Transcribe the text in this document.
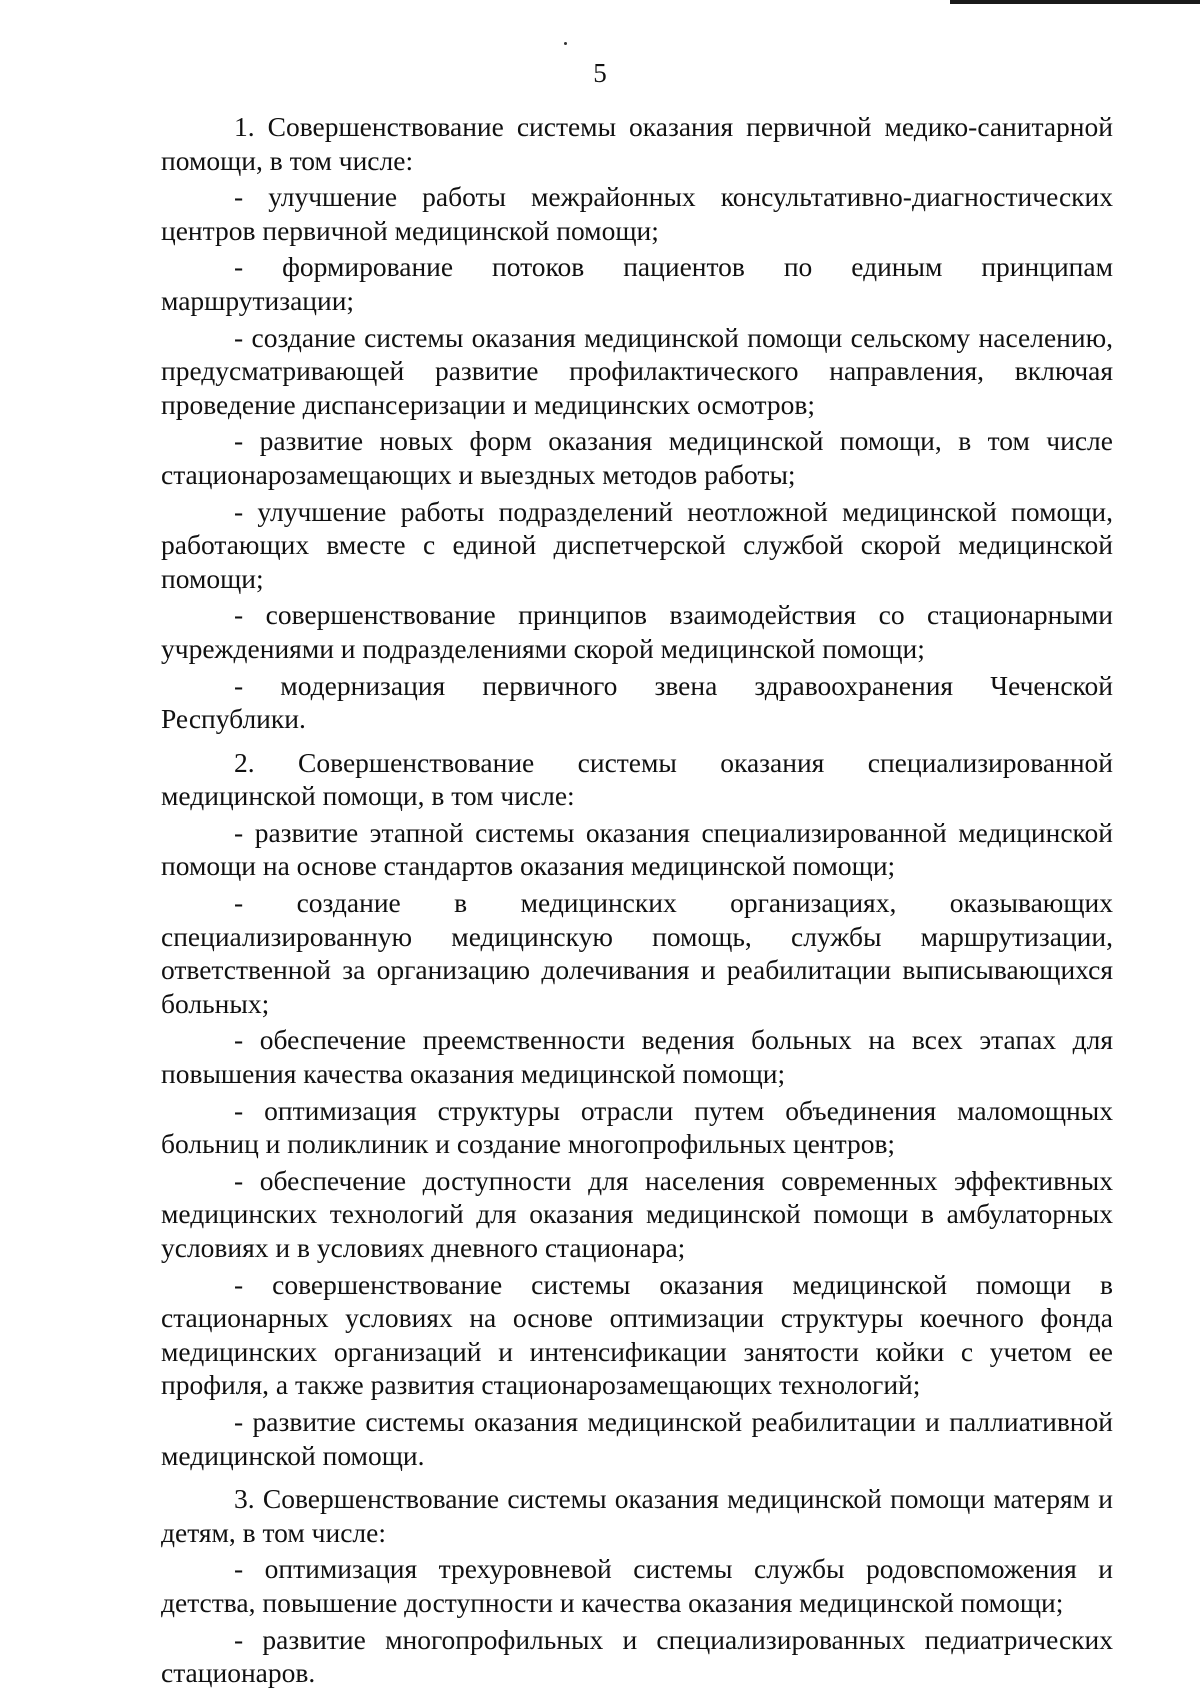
5

1. Совершенствование системы оказания первичной медико-санитарной помощи, в том числе:

- улучшение работы межрайонных консультативно-диагностических центров первичной медицинской помощи;

- формирование потоков пациентов по единым принципам маршрутизации;

- создание системы оказания медицинской помощи сельскому населению, предусматривающей развитие профилактического направления, включая проведение диспансеризации и медицинских осмотров;

- развитие новых форм оказания медицинской помощи, в том числе стационарозамещающих и выездных методов работы;

- улучшение работы подразделений неотложной медицинской помощи, работающих вместе с единой диспетчерской службой скорой медицинской помощи;

- совершенствование принципов взаимодействия со стационарными учреждениями и подразделениями скорой медицинской помощи;

- модернизация первичного звена здравоохранения Чеченской Республики.

2. Совершенствование системы оказания специализированной медицинской помощи, в том числе:

- развитие этапной системы оказания специализированной медицинской помощи на основе стандартов оказания медицинской помощи;

- создание в медицинских организациях, оказывающих специализированную медицинскую помощь, службы маршрутизации, ответственной за организацию долечивания и реабилитации выписывающихся больных;

- обеспечение преемственности ведения больных на всех этапах для повышения качества оказания медицинской помощи;

- оптимизация структуры отрасли путем объединения маломощных больниц и поликлиник и создание многопрофильных центров;

- обеспечение доступности для населения современных эффективных медицинских технологий для оказания медицинской помощи в амбулаторных условиях и в условиях дневного стационара;

- совершенствование системы оказания медицинской помощи в стационарных условиях на основе оптимизации структуры коечного фонда медицинских организаций и интенсификации занятости койки с учетом ее профиля, а также развития стационарозамещающих технологий;

- развитие системы оказания медицинской реабилитации и паллиативной медицинской помощи.

3. Совершенствование системы оказания медицинской помощи матерям и детям, в том числе:

- оптимизация трехуровневой системы службы родовспоможения и детства, повышение доступности и качества оказания медицинской помощи;

- развитие многопрофильных и специализированных педиатрических стационаров.
